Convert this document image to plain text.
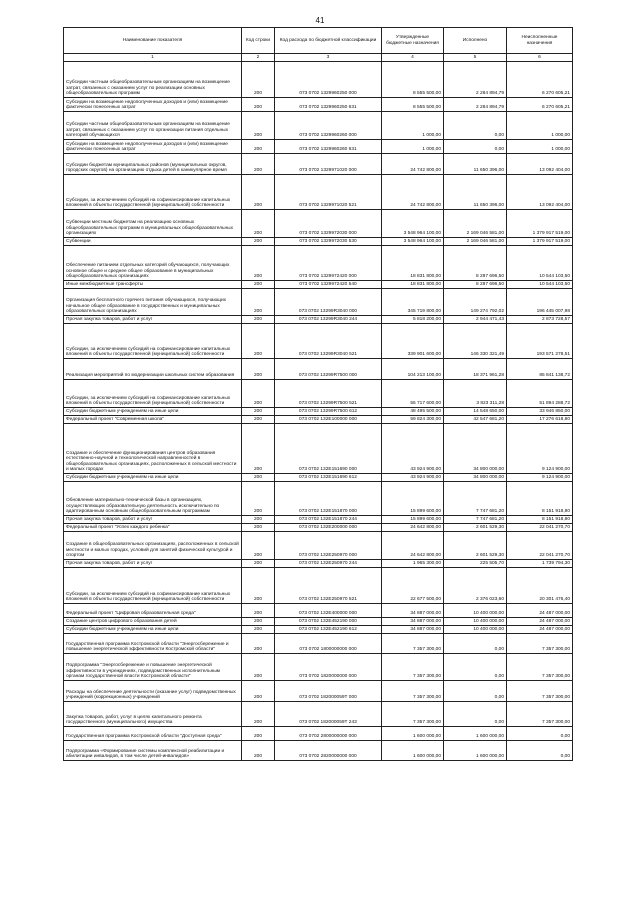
41
Наименование показателя	Код строки	Код расхода по бюджетной классификации	Утвержденные бюджетные назначения	Исполнено	Неисполненные назначения
1	2	3	4	5	6
Субсидии частным общеобразовательным организациям на возмещение затрат, связанных с оказанием услуг по реализации основных общеобразовательных программ	200	073 0702 1329960250 000	8 555 500,00	2 284 894,79	6 270 605,21
Субсидии на возмещение недополученных доходов и (или) возмещение фактически понесенных затрат	200	073 0702 1329960250 631	8 555 500,00	2 284 894,79	6 270 605,21
Субсидии частным общеобразовательным организациям на возмещение затрат, связанных с оказанием услуг по организации питания отдельных категорий обучающихся	200	073 0702 1329960260 000	1 000,00	0,00	1 000,00
Субсидии на возмещение недополученных доходов и (или) возмещение фактически понесенных затрат	200	073 0702 1329960260 631	1 000,00	0,00	1 000,00
Субсидии бюджетам муниципальных районов (муниципальных округов, городских округов) на организацию отдыха детей в каникулярное время	200	073 0702 1329971020 000	24 742 800,00	11 650 396,00	13 092 404,00
Субсидии, за исключением субсидий на софинансирование капитальных вложений в объекты государственной (муниципальной) собственности	200	073 0702 1329971020 521	24 742 800,00	11 650 396,00	13 092 404,00
Субвенции местным бюджетам на реализацию основных общеобразовательных программ в муниципальных общеобразовательных организациях	200	073 0702 1329972030 000	3 548 964 100,00	2 169 046 581,00	1 379 917 519,00
Субвенции	200	073 0702 1329972030 530	3 548 964 100,00	2 169 046 581,00	1 379 917 519,00
Обеспечение питанием отдельных категорий обучающихся, получающих основное общее и среднее общее образование в муниципальных общеобразовательных организациях	200	073 0702 1329972420 000	18 831 800,00	8 287 696,50	10 544 103,50
Иные межбюджетные трансферты	200	073 0702 1329972420 540	18 831 800,00	8 287 696,50	10 544 103,50
Организация бесплатного горячего питания обучающихся, получающих начальное общее образование в государственных и муниципальных образовательных организациях	200	073 0702 13299R3040 000	345 719 800,00	149 274 792,02	196 445 007,98
Прочая закупка товаров, работ и услуг	200	073 0702 13299R3040 244	5 818 200,00	2 944 471,43	2 873 728,57
Субсидии, за исключением субсидий на софинансирование капитальных вложений в объекты государственной (муниципальной) собственности	200	073 0702 13299R3040 521	339 901 600,00	146 330 321,49	193 571 278,51
Реализация мероприятий по модернизации школьных систем образования	200	073 0702 13299R7500 000	104 213 100,00	18 371 961,28	85 841 138,72
Субсидии, за исключением субсидий на софинансирование капитальных вложений в объекты государственной (муниципальной) собственности	200	073 0702 13299R7500 521	55 717 600,00	3 823 311,28	51 894 288,72
Субсидии бюджетным учреждениям на иные цели	200	073 0702 13299R7500 612	48 495 500,00	14 548 650,00	33 946 850,00
Федеральный проект "Современная школа"	200	073 0702 132E100000 000	59 824 300,00	42 547 681,20	17 276 618,80
Создание и обеспечение функционирования центров образования естественно-научной и технологической направленностей в общеобразовательных организациях, расположенных в сельской местности и малых городах	200	073 0702 132E151690 000	43 924 900,00	34 800 000,00	9 124 900,00
Субсидии бюджетным учреждениям на иные цели	200	073 0702 132E151690 612	43 924 900,00	34 800 000,00	9 124 900,00
Обновление материально-технической базы в организациях, осуществляющих образовательную деятельность исключительно по адаптированным основным общеобразовательным программам	200	073 0702 132E151870 000	15 899 600,00	7 747 681,20	8 151 918,80
Прочая закупка товаров, работ и услуг	200	073 0702 132E151870 244	15 899 600,00	7 747 681,20	8 151 918,80
Федеральный проект "Успех каждого ребенка"	200	073 0702 132E200000 000	24 642 800,00	2 601 529,30	22 041 270,70
Создание в общеобразовательных организациях, расположенных в сельской местности и малых городах, условий для занятий физической культурой и спортом	200	073 0702 132E250970 000	24 642 800,00	2 601 529,30	22 041 270,70
Прочая закупка товаров, работ и услуг	200	073 0702 132E250970 244	1 965 300,00	225 505,70	1 739 794,30
Субсидии, за исключением субсидий на софинансирование капитальных вложений в объекты государственной (муниципальной) собственности	200	073 0702 132E250970 521	22 677 500,00	2 376 023,60	20 301 476,40
Федеральный проект "Цифровая образовательная среда"	200	073 0702 132E400000 000	34 887 000,00	10 400 000,00	24 487 000,00
Создание центров цифрового образования детей	200	073 0702 132E452190 000	34 887 000,00	10 400 000,00	24 487 000,00
Субсидии бюджетным учреждениям на иные цели	200	073 0702 132E452190 612	34 887 000,00	10 400 000,00	24 487 000,00
Государственная программа Костромской области "Энергосбережение и повышение энергетической эффективности Костромской области"	200	073 0702 1800000000 000	7 357 300,00	0,00	7 357 300,00
Подпрограмма "Энергосбережение и повышение энергетической эффективности в учреждениях, подведомственных исполнительным органам государственной власти Костромской области"	200	073 0702 1820000000 000	7 357 300,00	0,00	7 357 300,00
Расходы на обеспечение деятельности (оказание услуг) подведомственных учреждений (коррекционных) учреждений	200	073 0702 182000059Т 000	7 357 300,00	0,00	7 357 300,00
Закупка товаров, работ, услуг в целях капитального ремонта государственного (муниципального) имущества	200	073 0702 182000059Т 243	7 357 300,00	0,00	7 357 300,00
Государственная программа Костромской области "Доступная среда"	200	073 0702 2800000000 000	1 600 000,00	1 600 000,00	0,00
Подпрограмма «Формирование системы комплексной реабилитации и абилитации инвалидов, в том числе детей-инвалидов»	200	073 0702 2820000000 000	1 600 000,00	1 600 000,00	0,00
